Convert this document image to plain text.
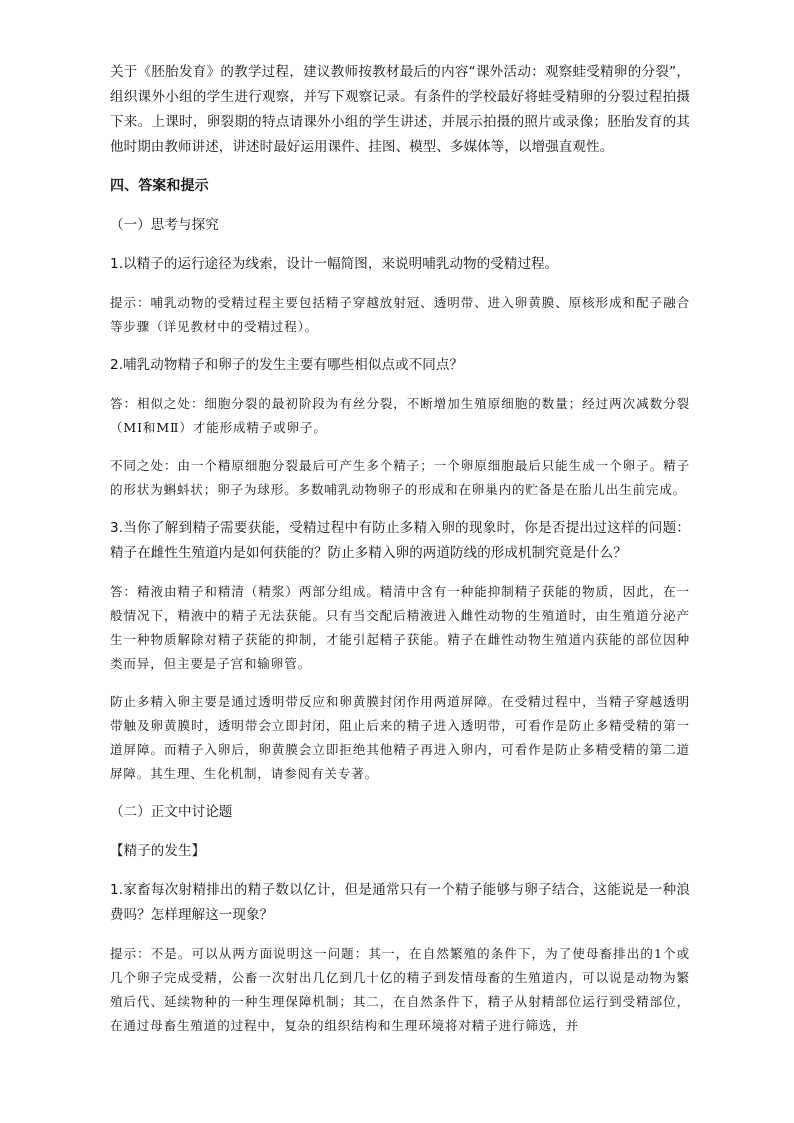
关于《胚胎发育》的教学过程，建议教师按教材最后的内容“课外活动：观察蛙受精卵的分裂”，组织课外小组的学生进行观察，并写下观察记录。有条件的学校最好将蛙受精卵的分裂过程拍摄下来。上课时，卵裂期的特点请课外小组的学生讲述，并展示拍摄的照片或录像；胚胎发育的其他时期由教师讲述，讲述时最好运用课件、挂图、模型、多媒体等，以增强直观性。

四、答案和提示

（一）思考与探究

1.以精子的运行途径为线索，设计一幅简图，来说明哺乳动物的受精过程。

提示：哺乳动物的受精过程主要包括精子穿越放射冠、透明带、进入卵黄膜、原核形成和配子融合等步骤（详见教材中的受精过程）。

2.哺乳动物精子和卵子的发生主要有哪些相似点或不同点？

答：相似之处：细胞分裂的最初阶段为有丝分裂，不断增加生殖原细胞的数量；经过两次减数分裂（MⅠ和MⅡ）才能形成精子或卵子。

不同之处：由一个精原细胞分裂最后可产生多个精子；一个卵原细胞最后只能生成一个卵子。精子的形状为蝌蚪状；卵子为球形。多数哺乳动物卵子的形成和在卵巢内的贮备是在胎儿出生前完成。

3.当你了解到精子需要获能，受精过程中有防止多精入卵的现象时，你是否提出过这样的问题：精子在雌性生殖道内是如何获能的？防止多精入卵的两道防线的形成机制究竟是什么？

答：精液由精子和精清（精浆）两部分组成。精清中含有一种能抑制精子获能的物质，因此，在一般情况下，精液中的精子无法获能。只有当交配后精液进入雌性动物的生殖道时，由生殖道分泌产生一种物质解除对精子获能的抑制，才能引起精子获能。精子在雌性动物生殖道内获能的部位因种类而异，但主要是子宫和输卵管。

防止多精入卵主要是通过透明带反应和卵黄膜封闭作用两道屏障。在受精过程中，当精子穿越透明带触及卵黄膜时，透明带会立即封闭，阻止后来的精子进入透明带，可看作是防止多精受精的第一道屏障。而精子入卵后，卵黄膜会立即拒绝其他精子再进入卵内，可看作是防止多精受精的第二道屏障。其生理、生化机制，请参阅有关专著。

（二）正文中讨论题

【精子的发生】

1.家畜每次射精排出的精子数以亿计，但是通常只有一个精子能够与卵子结合，这能说是一种浪费吗？怎样理解这一现象？

提示：不是。可以从两方面说明这一问题：其一，在自然繁殖的条件下，为了使母畜排出的1个或几个卵子完成受精，公畜一次射出几亿到几十亿的精子到发情母畜的生殖道内，可以说是动物为繁殖后代、延续物种的一种生理保障机制；其二，在自然条件下，精子从射精部位运行到受精部位，在通过母畜生殖道的过程中，复杂的组织结构和生理环境将对精子进行筛选，并
